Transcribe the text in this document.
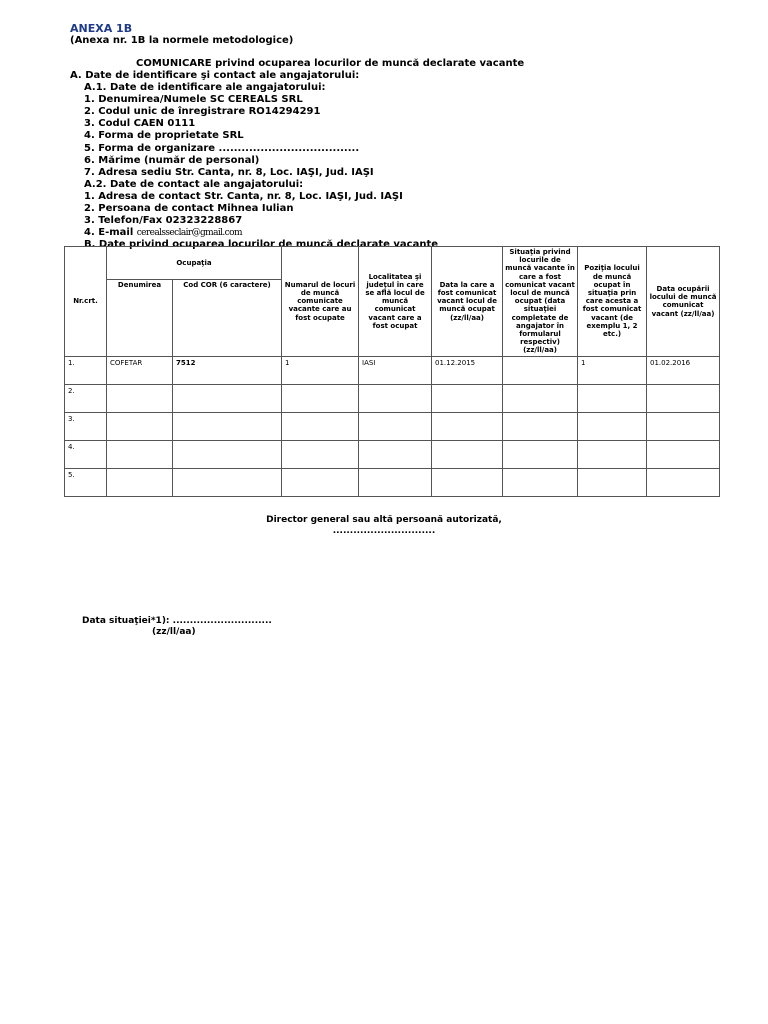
ANEXA 1B
(Anexa nr. 1B la normele metodologice)
COMUNICARE privind ocuparea locurilor de muncă declarate vacante
A. Date de identificare şi contact ale angajatorului:
A.1. Date de identificare ale angajatorului:
1. Denumirea/Numele SC CEREALS SRL
2. Codul unic de înregistrare RO14294291
3. Codul CAEN 0111
4. Forma de proprietate SRL
5. Forma de organizare .....................................
6. Mărime (număr de personal)
7. Adresa sediu Str. Canta, nr. 8, Loc. IAŞI, Jud. IAŞI
A.2. Date de contact ale angajatorului:
1. Adresa de contact Str. Canta, nr. 8, Loc. IAŞI, Jud. IAŞI
2. Persoana de contact Mihnea Iulian
3. Telefon/Fax 02323228867
4. E-mail cerealsseclair@gmail.com
B. Date privind ocuparea locurilor de muncă declarate vacante
Nr.crt.	Ocupaţia		Numarul de locuri de muncă comunicate vacante care au fost ocupate	Localitatea şi judeţul în care se află locul de muncă comunicat vacant care a fost ocupat	Data la care a fost comunicat vacant locul de muncă ocupat (zz/ll/aa)	Situaţia privind locurile de muncă vacante în care a fost comunicat vacant locul de muncă ocupat (data situaţiei completate de angajator în formularul respectiv) (zz/ll/aa)	Poziţia locului de muncă ocupat în situaţia prin care acesta a fost comunicat vacant (de exemplu 1, 2 etc.)	Data ocupării locului de muncă comunicat vacant (zz/ll/aa)
	Denumirea	Cod COR (6 caractere)						
1.	COFETAR	7512	1	IASI	01.12.2015		1	01.02.2016
2.								
3.								
4.								
5.								
Director general sau altă persoană autorizată,
..............................
Data situaţiei*1): .............................
(zz/ll/aa)
